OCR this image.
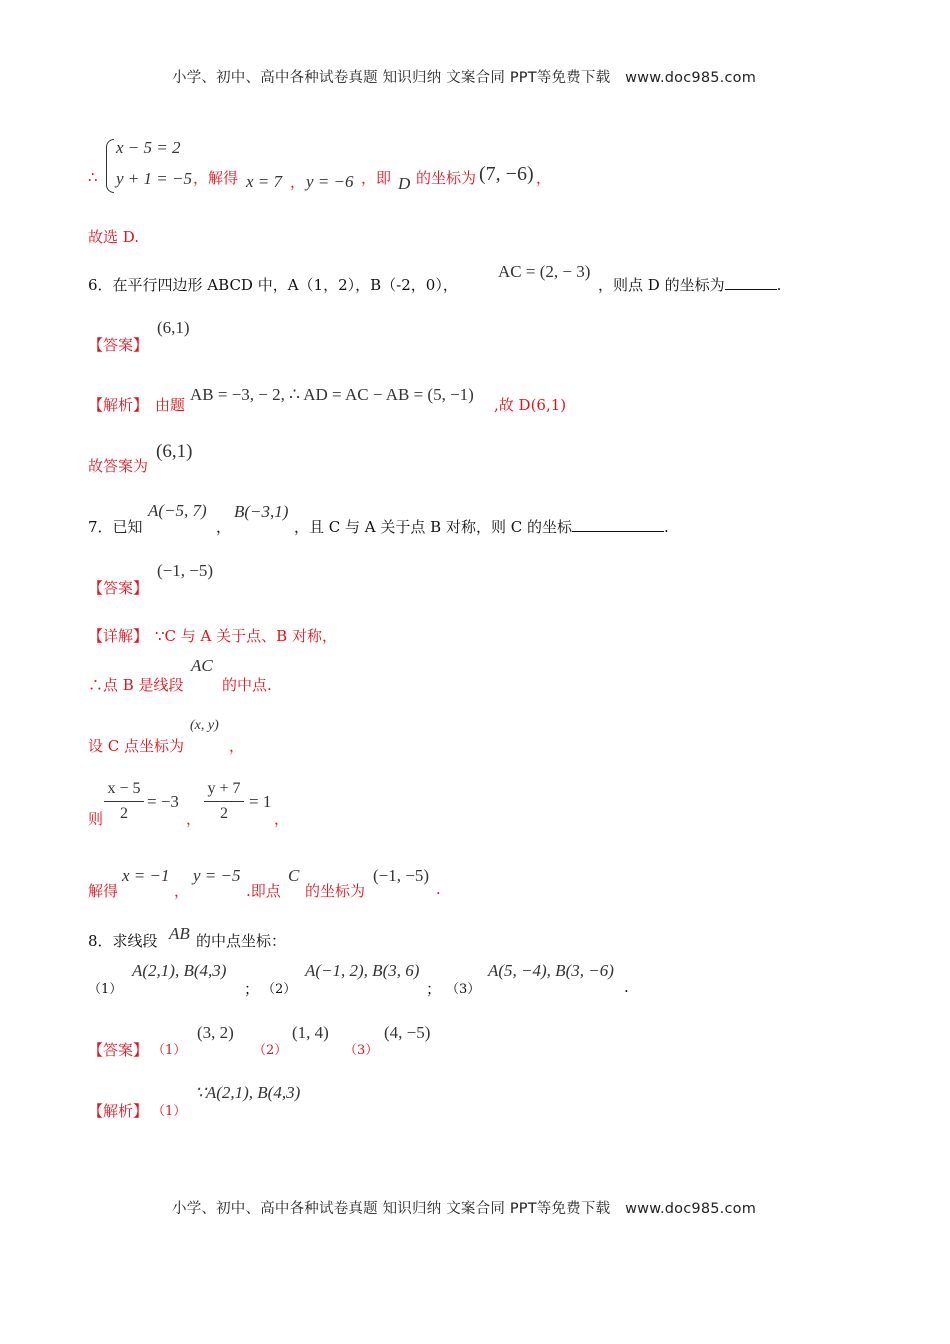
小学、初中、高中各种试卷真题 知识归纳 文案合同 PPT等免费下载 www.doc985.com
x − 5 = 2
y + 1 = −5
∴	，解得 x = 7 ， y = −6 ，即 D 的坐标为 (7, −6) ，
故选 D.
6．在平行四边形 ABCD 中，A（1，2），B（-2，0），
AC = (2, − 3)
，则点 D 的坐标为	.
【答案】
(6,1)
【解析】 由题
AB = −3, − 2, ∴ AD = AC − AB = (5, −1)
,故 D(6,1)
故答案为
(6,1)
7．已知
A(−5, 7)
，
B(−3,1)
，且 C 与 A 关于点 B 对称，则 C 的坐标	.
【答案】
(−1, −5)
【详解】 ∵C 与 A 关于点、B 对称，
∴点 B 是线段
AC
的中点.
设 C 点坐标为
(x, y)
，
则
x − 5
2
= −3
，
y + 7
2
= 1
，
解得
x = −1
，
y = −5
.即点
C
的坐标为
(−1, −5)
.
8．求线段 AB 的中点坐标：
（1）
A(2,1), B(4,3)
； （2）
A(−1, 2), B(3, 6)
； （3）
A(5, −4), B(3, −6)
.
【答案】 （1）
(3, 2)
（2）
(1, 4)
（3）
(4, −5)
【解析】 （1）
∵A(2,1), B(4,3)
小学、初中、高中各种试卷真题 知识归纳 文案合同 PPT等免费下载 www.doc985.com
